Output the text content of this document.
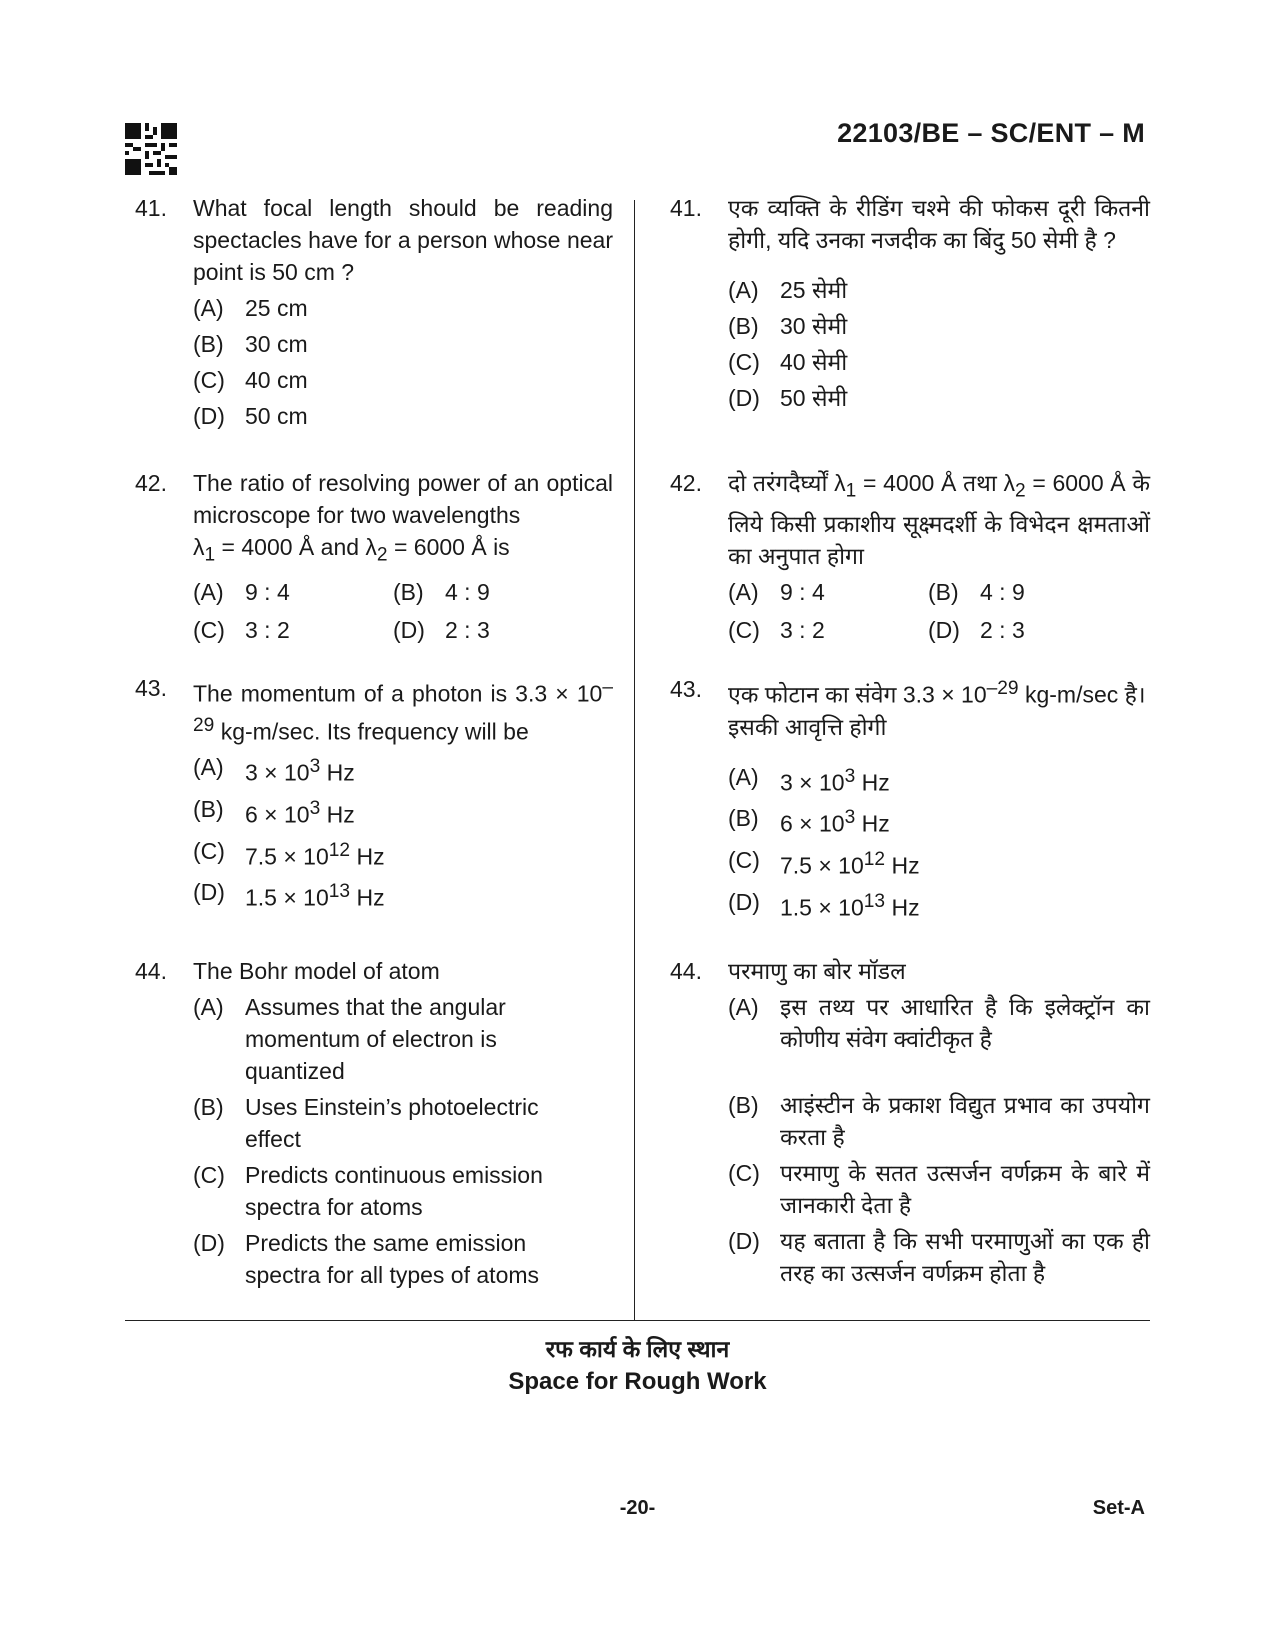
22103/BE – SC/ENT – M
41. What focal length should be reading spectacles have for a person whose near point is 50 cm ?
(A) 25 cm
(B) 30 cm
(C) 40 cm
(D) 50 cm
42. The ratio of resolving power of an optical microscope for two wavelengths
$\lambda_1 = 4000$ Å and $\lambda_2 = 6000$ Å is
(A) 9 : 4	(B) 4 : 9
(C) 3 : 2	(D) 2 : 3
43. The momentum of a photon is $3.3 \times 10^{-29}$ kg-m/sec. Its frequency will be
(A) $3 \times 10^3$ Hz
(B) $6 \times 10^3$ Hz
(C) $7.5 \times 10^{12}$ Hz
(D) $1.5 \times 10^{13}$ Hz
44. The Bohr model of atom
(A) Assumes that the angular momentum of electron is quantized
(B) Uses Einstein’s photoelectric effect
(C) Predicts continuous emission spectra for atoms
(D) Predicts the same emission spectra for all types of atoms
41. एक व्यक्ति के रीडिंग चश्मे की फोकस दूरी कितनी होगी, यदि उनका नजदीक का बिंदु 50 सेमी है ?
(A) 25 सेमी
(B) 30 सेमी
(C) 40 सेमी
(D) 50 सेमी
42. दो तरंगदैर्घ्यों $\lambda_1 = 4000$ Å तथा $\lambda_2 = 6000$ Å के लिये किसी प्रकाशीय सूक्ष्मदर्शी के विभेदन क्षमताओं का अनुपात होगा
(A) 9 : 4	(B) 4 : 9
(C) 3 : 2	(D) 2 : 3
43. एक फोटान का संवेग $3.3 \times 10^{-29}$ kg-m/sec है।
इसकी आवृत्ति होगी
(A) $3 \times 10^3$ Hz
(B) $6 \times 10^3$ Hz
(C) $7.5 \times 10^{12}$ Hz
(D) $1.5 \times 10^{13}$ Hz
44. परमाणु का बोर मॉडल
(A) इस तथ्य पर आधारित है कि इलेक्ट्रॉन का कोणीय संवेग क्वांटीकृत है
(B) आइंस्टीन के प्रकाश विद्युत प्रभाव का उपयोग करता है
(C) परमाणु के सतत उत्सर्जन वर्णक्रम के बारे में जानकारी देता है
(D) यह बताता है कि सभी परमाणुओं का एक ही तरह का उत्सर्जन वर्णक्रम होता है
रफ कार्य के लिए स्थान
Space for Rough Work
-20-	Set-A
